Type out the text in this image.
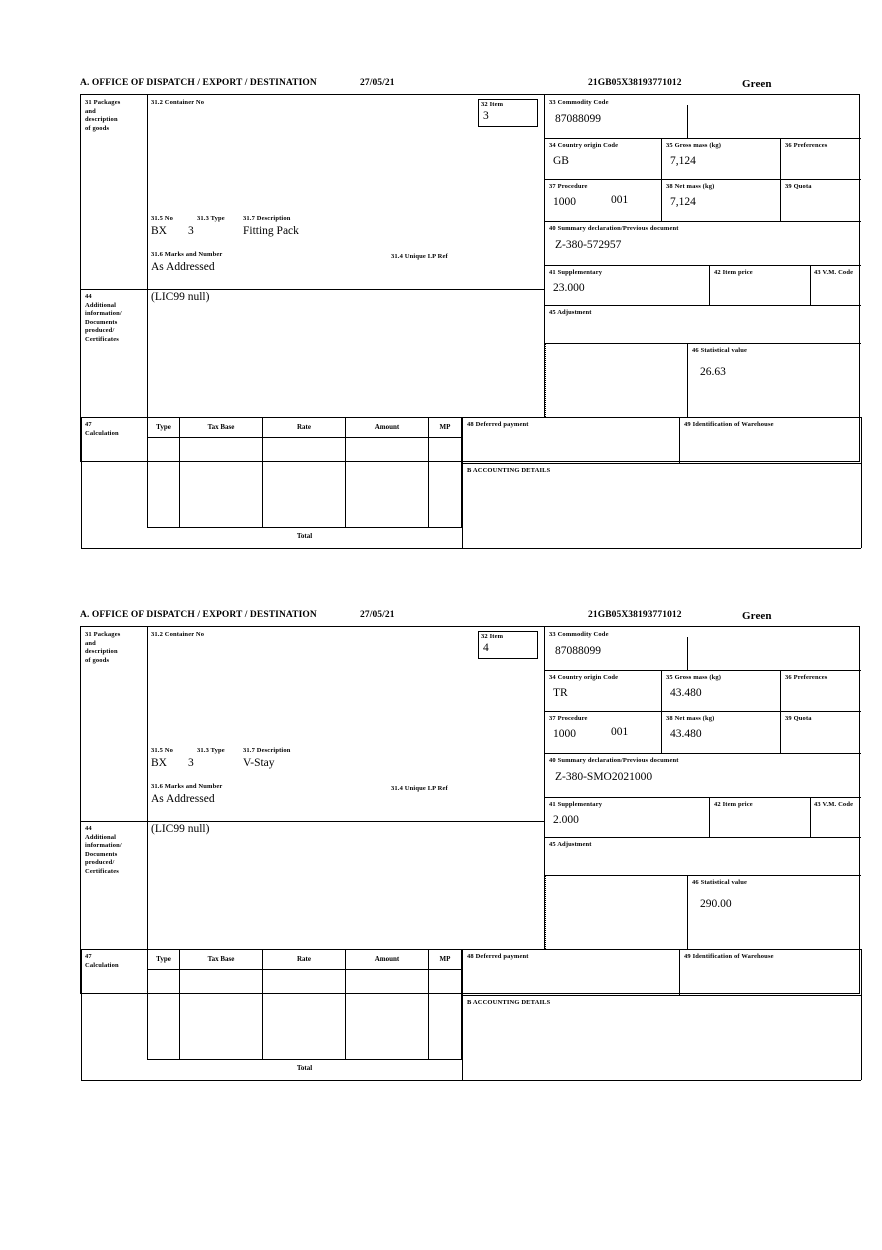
A. OFFICE OF DISPATCH / EXPORT / DESTINATION	27/05/21	21GB05X38193771012	Green
31 Packages
and
description
of goods
44
Additional
information/
Documents
produced/
Certificates
31.2 Container No
31.5 No	31.3 Type	31.7 Description
BX 3	Fitting Pack
31.6 Marks and Number	31.4 Unique I.P Ref
As Addressed
(LIC99 null)
32 Item
3
33 Commodity Code
87088099
34 Country origin Code
GB
35 Gross mass (kg)
7,124
36 Preferences
37 Procedure
1000	001
38 Net mass (kg)
7,124
39 Quota
40 Summary declaration/Previous document
Z-380-572957
41 Supplementary
23.000
42 Item price	43 V.M. Code
45 Adjustment
46 Statistical value
26.63
47
Calculation
Type	Tax Base	Rate	Amount	MP
Total
48 Deferred payment	49 Identification of Warehouse
B ACCOUNTING DETAILS
A. OFFICE OF DISPATCH / EXPORT / DESTINATION	27/05/21	21GB05X38193771012	Green
31 Packages
and
description
of goods
44
Additional
information/
Documents
produced/
Certificates
31.2 Container No
31.5 No	31.3 Type	31.7 Description
BX 3	V-Stay
31.6 Marks and Number	31.4 Unique I.P Ref
As Addressed
(LIC99 null)
32 Item
4
33 Commodity Code
87088099
34 Country origin Code
TR
35 Gross mass (kg)
43.480
36 Preferences
37 Procedure
1000	001
38 Net mass (kg)
43.480
39 Quota
40 Summary declaration/Previous document
Z-380-SMO2021000
41 Supplementary
2.000
42 Item price	43 V.M. Code
45 Adjustment
46 Statistical value
290.00
47
Calculation
Type	Tax Base	Rate	Amount	MP
Total
48 Deferred payment	49 Identification of Warehouse
B ACCOUNTING DETAILS
